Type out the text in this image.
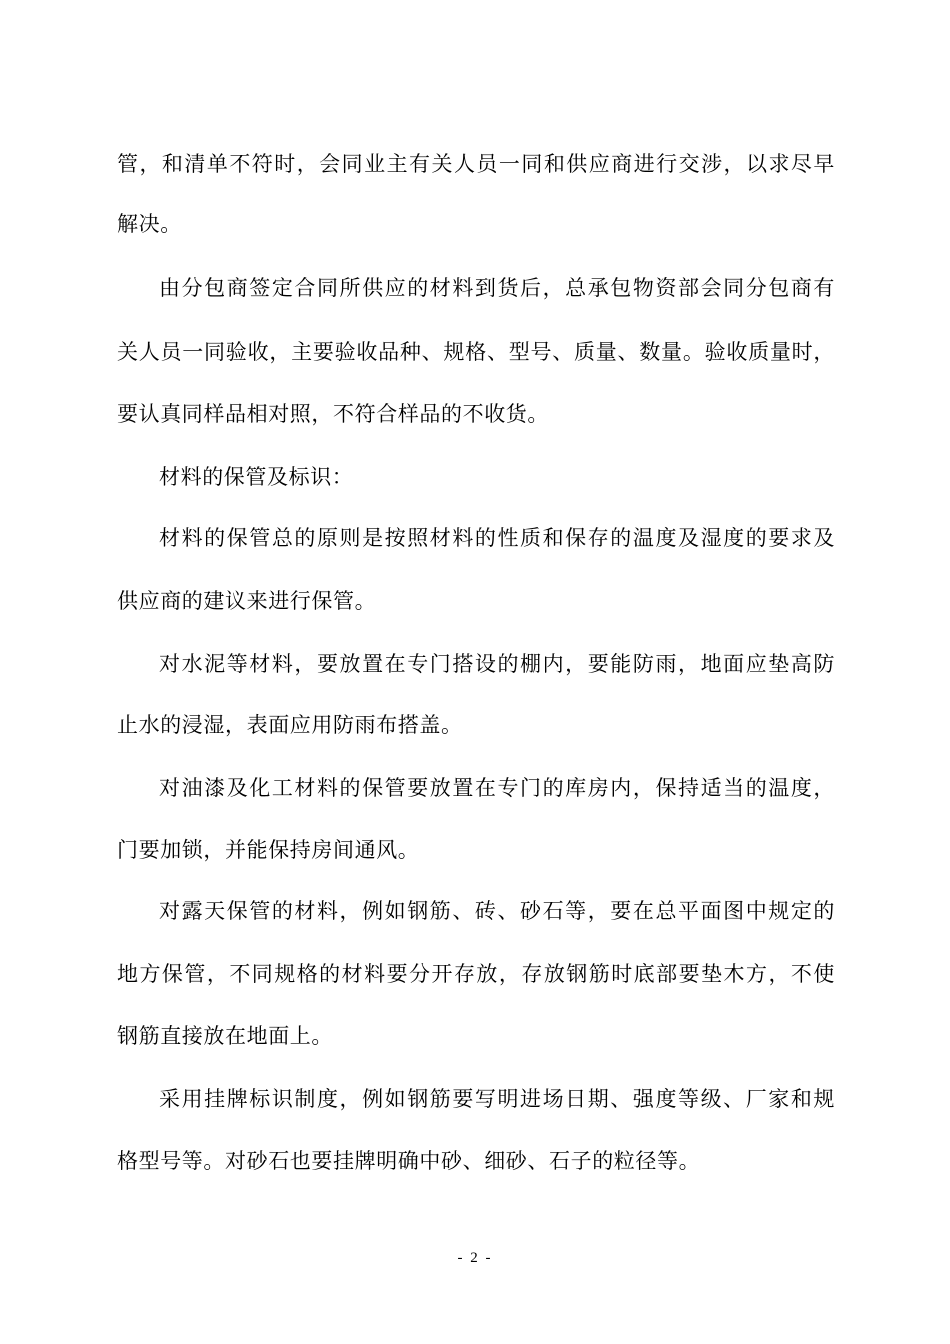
管，和清单不符时，会同业主有关人员一同和供应商进行交涉，以求尽早
解决。
由分包商签定合同所供应的材料到货后，总承包物资部会同分包商有
关人员一同验收，主要验收品种、规格、型号、质量、数量。验收质量时，
要认真同样品相对照，不符合样品的不收货。
材料的保管及标识：
材料的保管总的原则是按照材料的性质和保存的温度及湿度的要求及
供应商的建议来进行保管。
对水泥等材料，要放置在专门搭设的棚内，要能防雨，地面应垫高防
止水的浸湿，表面应用防雨布搭盖。
对油漆及化工材料的保管要放置在专门的库房内，保持适当的温度，
门要加锁，并能保持房间通风。
对露天保管的材料，例如钢筋、砖、砂石等，要在总平面图中规定的
地方保管，不同规格的材料要分开存放，存放钢筋时底部要垫木方，不使
钢筋直接放在地面上。
采用挂牌标识制度，例如钢筋要写明进场日期、强度等级、厂家和规
格型号等。对砂石也要挂牌明确中砂、细砂、石子的粒径等。
- 2 -
